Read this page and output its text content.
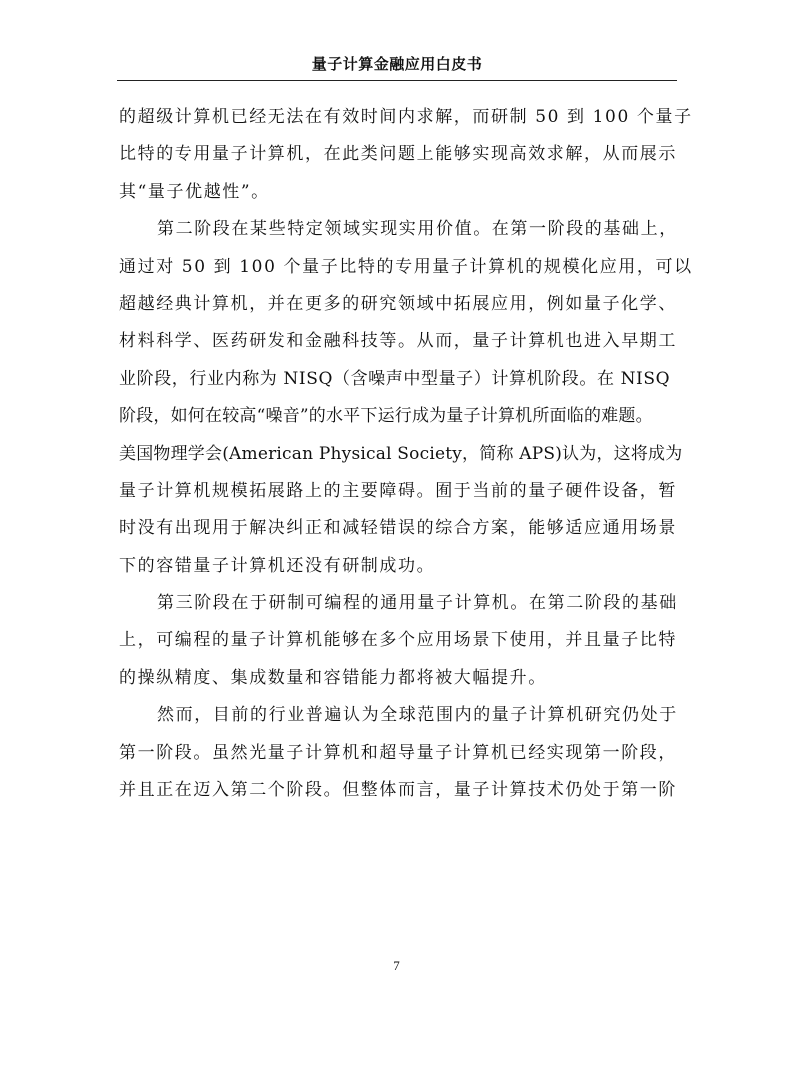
量子计算金融应用白皮书
的超级计算机已经无法在有效时间内求解，而研制 50 到 100 个量子
比特的专用量子计算机，在此类问题上能够实现高效求解，从而展示
其“量子优越性”。
第二阶段在某些特定领域实现实用价值。在第一阶段的基础上，
通过对 50 到 100 个量子比特的专用量子计算机的规模化应用，可以
超越经典计算机，并在更多的研究领域中拓展应用，例如量子化学、
材料科学、医药研发和金融科技等。从而，量子计算机也进入早期工
业阶段，行业内称为 NISQ（含噪声中型量子）计算机阶段。在 NISQ
阶段，如何在较高“噪音”的水平下运行成为量子计算机所面临的难题。
美国物理学会(American Physical Society，简称 APS)认为，这将成为
量子计算机规模拓展路上的主要障碍。囿于当前的量子硬件设备，暂
时没有出现用于解决纠正和减轻错误的综合方案，能够适应通用场景
下的容错量子计算机还没有研制成功。
第三阶段在于研制可编程的通用量子计算机。在第二阶段的基础
上，可编程的量子计算机能够在多个应用场景下使用，并且量子比特
的操纵精度、集成数量和容错能力都将被大幅提升。
然而，目前的行业普遍认为全球范围内的量子计算机研究仍处于
第一阶段。虽然光量子计算机和超导量子计算机已经实现第一阶段，
并且正在迈入第二个阶段。但整体而言，量子计算技术仍处于第一阶
7
